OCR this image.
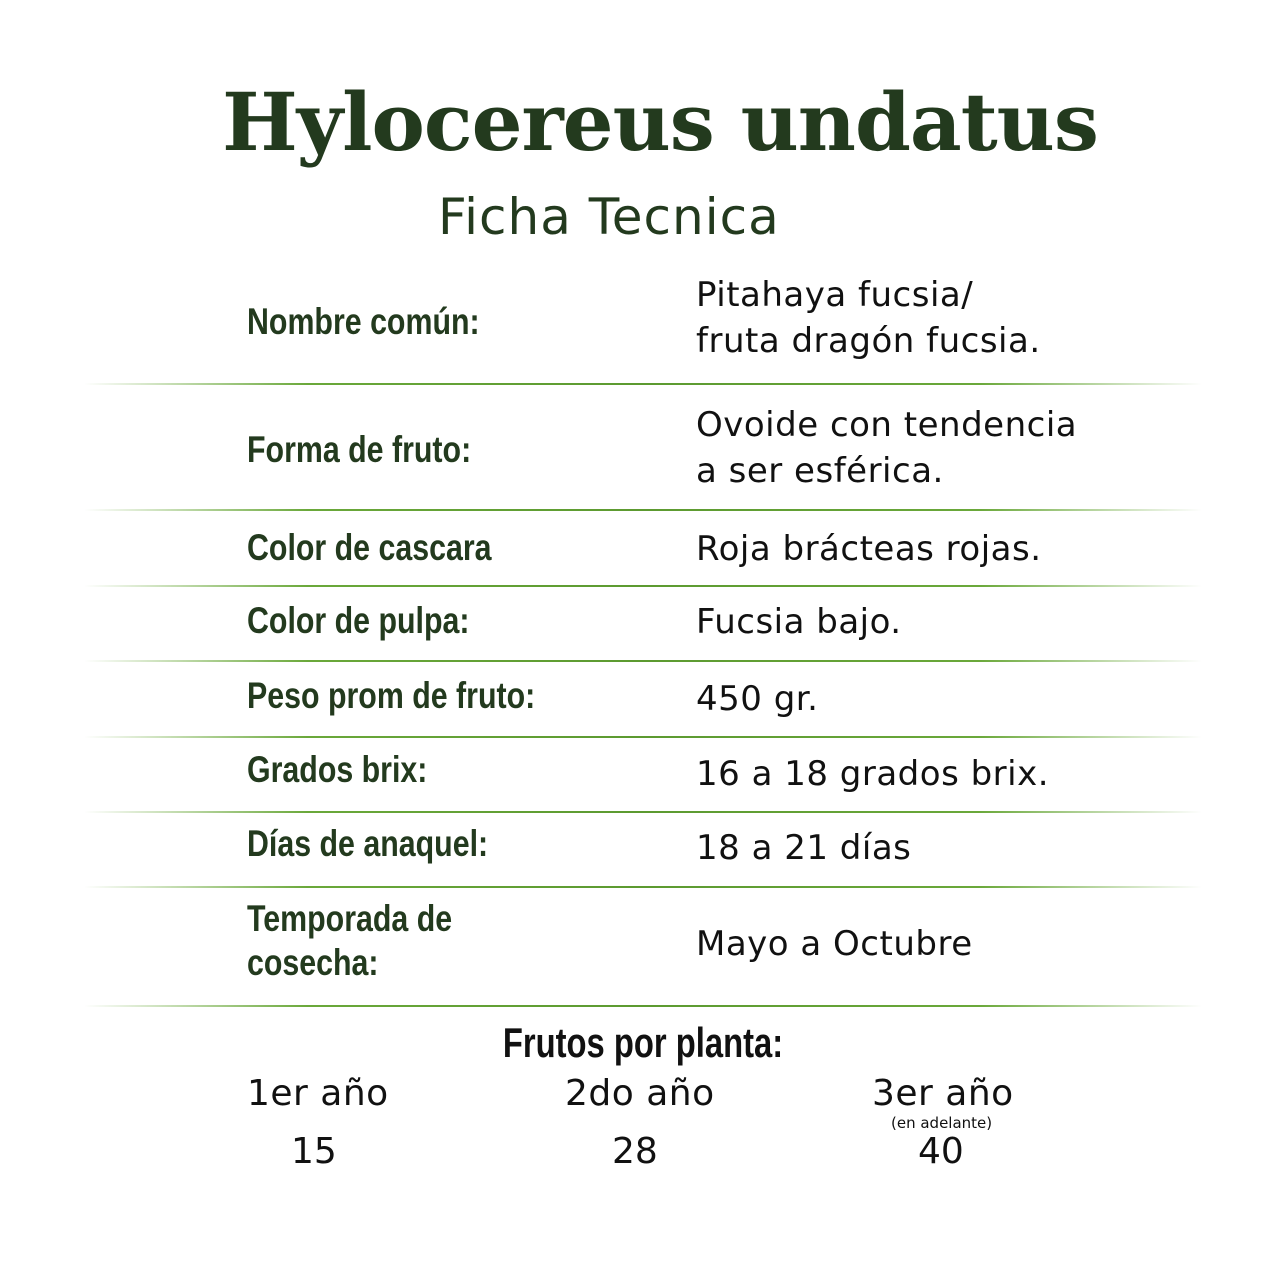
Hylocereus undatus
Ficha Tecnica
Nombre común:
Pitahaya fucsia/
fruta dragón fucsia.
Forma de fruto:
Ovoide con tendencia
a ser esférica.
Color de cascara	Roja brácteas rojas.
Color de pulpa:	Fucsia bajo.
Peso prom de fruto:	450 gr.
Grados brix:	16 a 18 grados brix.
Días de anaquel:	18 a 21 días
Temporada de
cosecha:	Mayo a Octubre
Frutos por planta:
1er año	2do año	3er año
(en adelante)
15	28	40
